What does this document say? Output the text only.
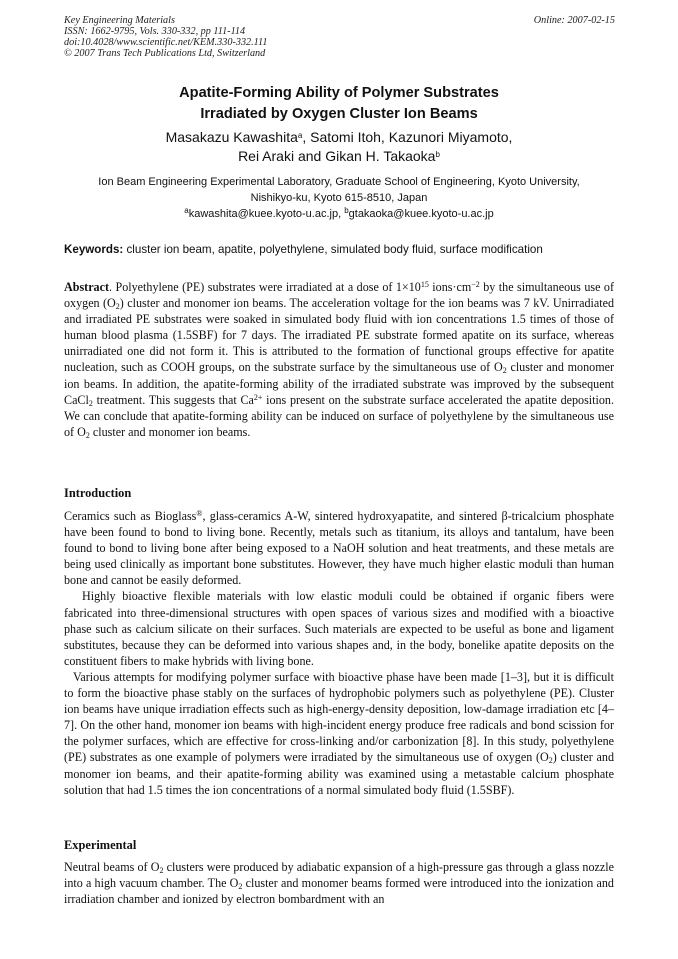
Key Engineering Materials
ISSN: 1662-9795, Vols. 330-332, pp 111-114
doi:10.4028/www.scientific.net/KEM.330-332.111
© 2007 Trans Tech Publications Ltd, Switzerland
Online: 2007-02-15
Apatite-Forming Ability of Polymer Substrates
Irradiated by Oxygen Cluster Ion Beams
Masakazu Kawashita$^a$, Satomi Itoh, Kazunori Miyamoto,
Rei Araki and Gikan H. Takaoka$^b$
Ion Beam Engineering Experimental Laboratory, Graduate School of Engineering, Kyoto University,
Nishikyo-ku, Kyoto 615-8510, Japan
$^a$kawashita@kuee.kyoto-u.ac.jp, $^b$gtakaoka@kuee.kyoto-u.ac.jp
Keywords: cluster ion beam, apatite, polyethylene, simulated body fluid, surface modification

Abstract. Polyethylene (PE) substrates were irradiated at a dose of $1\times 10^{15}$ $ions\cdot cm^{-2}$ by the simultaneous use of oxygen $(O_2)$ cluster and monomer ion beams. The acceleration voltage for the ion beams was 7 kV. Unirradiated and irradiated PE substrates were soaked in simulated body fluid with ion concentrations 1.5 times of those of human blood plasma (1.5SBF) for 7 days. The irradiated PE substrate formed apatite on its surface, whereas unirradiated one did not form it. This is attributed to the formation of functional groups effective for apatite nucleation, such as COOH groups, on the substrate surface by the simultaneous use of $O_2$ cluster and monomer ion beams. In addition, the apatite-forming ability of the irradiated substrate was improved by the subsequent CaCl$_2$ treatment. This suggests that $Ca^{2+}$ ions present on the substrate surface accelerated the apatite deposition. We can conclude that apatite-forming ability can be induced on surface of polyethylene by the simultaneous use of $O_2$ cluster and monomer ion beams.

Introduction

Ceramics such as Bioglass®, glass-ceramics A-W, sintered hydroxyapatite, and sintered β-tricalcium phosphate have been found to bond to living bone. Recently, metals such as titanium, its alloys and tantalum, have been found to bond to living bone after being exposed to a NaOH solution and heat treatments, and these metals are being used clinically as important bone substitutes. However, they have much higher elastic moduli than human bone and cannot be easily deformed.

Highly bioactive flexible materials with low elastic moduli could be obtained if organic fibers were fabricated into three-dimensional structures with open spaces of various sizes and modified with a bioactive phase such as calcium silicate on their surfaces. Such materials are expected to be useful as bone and ligament substitutes, because they can be deformed into various shapes and, in the body, bonelike apatite deposits on the constituent fibers to make hybrids with living bone.

Various attempts for modifying polymer surface with bioactive phase have been made [1–3], but it is difficult to form the bioactive phase stably on the surfaces of hydrophobic polymers such as polyethylene (PE). Cluster ion beams have unique irradiation effects such as high-energy-density deposition, low-damage irradiation etc [4–7]. On the other hand, monomer ion beams with high-incident energy produce free radicals and bond scission for the polymer surfaces, which are effective for cross-linking and/or carbonization [8]. In this study, polyethylene (PE) substrates as one example of polymers were irradiated by the simultaneous use of oxygen $(O_2)$ cluster and monomer ion beams, and their apatite-forming ability was examined using a metastable calcium phosphate solution that had 1.5 times the ion concentrations of a normal simulated body fluid (1.5SBF).

Experimental

Neutral beams of $O_2$ clusters were produced by adiabatic expansion of a high-pressure gas through a glass nozzle into a high vacuum chamber. The $O_2$ cluster and monomer beams formed were introduced into the ionization and irradiation chamber and ionized by electron bombardment with an
